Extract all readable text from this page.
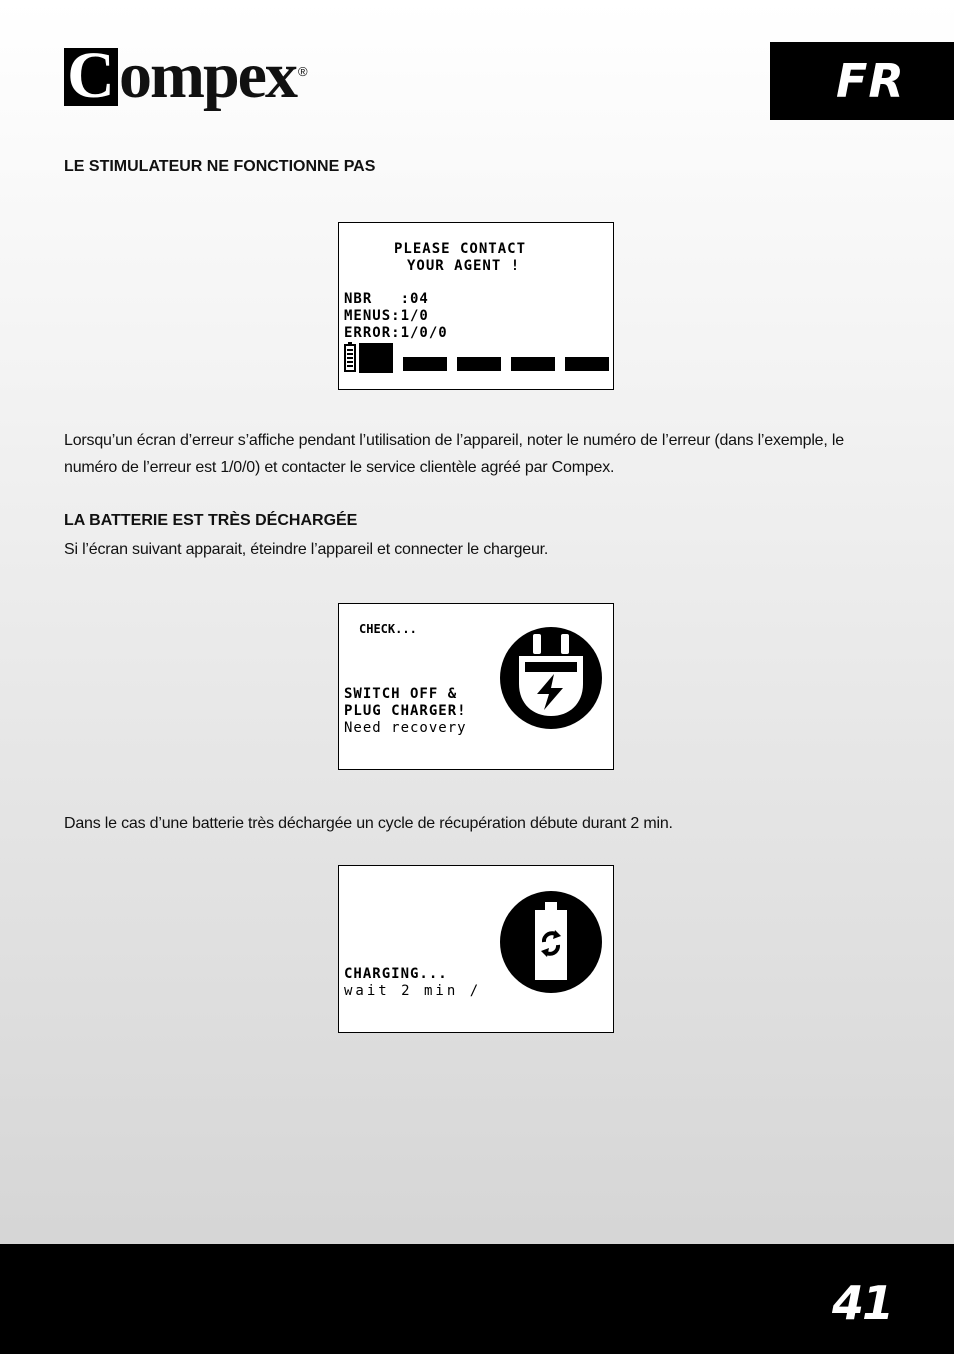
C ompex ®	FR
LE STIMULATEUR NE FONCTIONNE PAS
PLEASE CONTACT
YOUR AGENT !
NBR   :04
MENUS:1/0
ERROR:1/0/0

Lorsqu’un écran d’erreur s’affiche pendant l’utilisation de l’appareil, noter le numéro de l’erreur (dans l’exemple, le numéro de l’erreur est 1/0/0) et contacter le service clientèle agréé par Compex.

LA BATTERIE EST TRÈS DÉCHARGÉE

Si l’écran suivant apparait, éteindre l’appareil et connecter le chargeur.

CHECK...
SWITCH OFF &
PLUG CHARGER!
Need recovery

Dans le cas d’une batterie très déchargée un cycle de récupération débute durant 2 min.

CHARGING...
wait 2 min /
41
